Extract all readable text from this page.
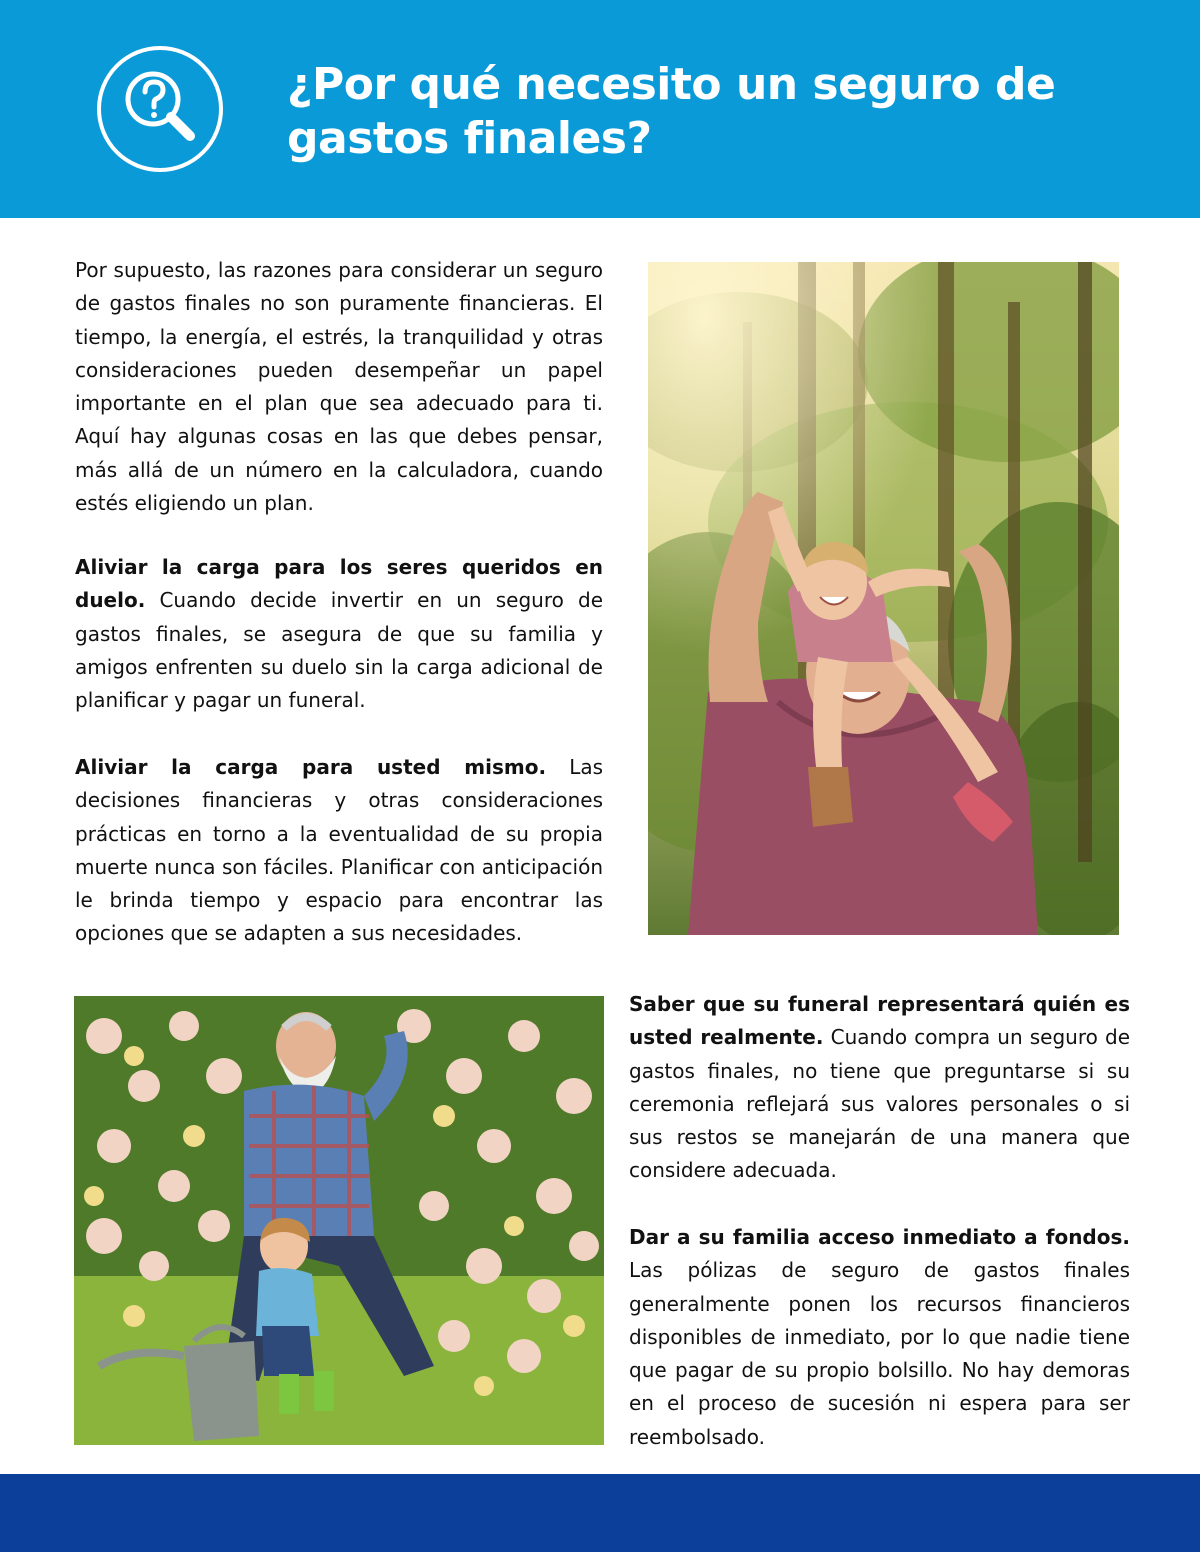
¿Por qué necesito un seguro de gastos finales?

Por supuesto, las razones para considerar un seguro de gastos finales no son puramente financieras. El tiempo, la energía, el estrés, la tranquilidad y otras consideraciones pueden desempeñar un papel importante en el plan que sea adecuado para ti. Aquí hay algunas cosas en las que debes pensar, más allá de un número en la calculadora, cuando estés eligiendo un plan.

Aliviar la carga para los seres queridos en duelo. Cuando decide invertir en un seguro de gastos finales, se asegura de que su familia y amigos enfrenten su duelo sin la carga adicional de planificar y pagar un funeral.

Aliviar la carga para usted mismo. Las decisiones financieras y otras consideraciones prácticas en torno a la eventualidad de su propia muerte nunca son fáciles. Planificar con anticipación le brinda tiempo y espacio para encontrar las opciones que se adapten a sus necesidades.

Saber que su funeral representará quién es usted realmente. Cuando compra un seguro de gastos finales, no tiene que preguntarse si su ceremonia reflejará sus valores personales o si sus restos se manejarán de una manera que considere adecuada.

Dar a su familia acceso inmediato a fondos. Las pólizas de seguro de gastos finales generalmente ponen los recursos financieros disponibles de inmediato, por lo que nadie tiene que pagar de su propio bolsillo. No hay demoras en el proceso de sucesión ni espera para ser reembolsado.
